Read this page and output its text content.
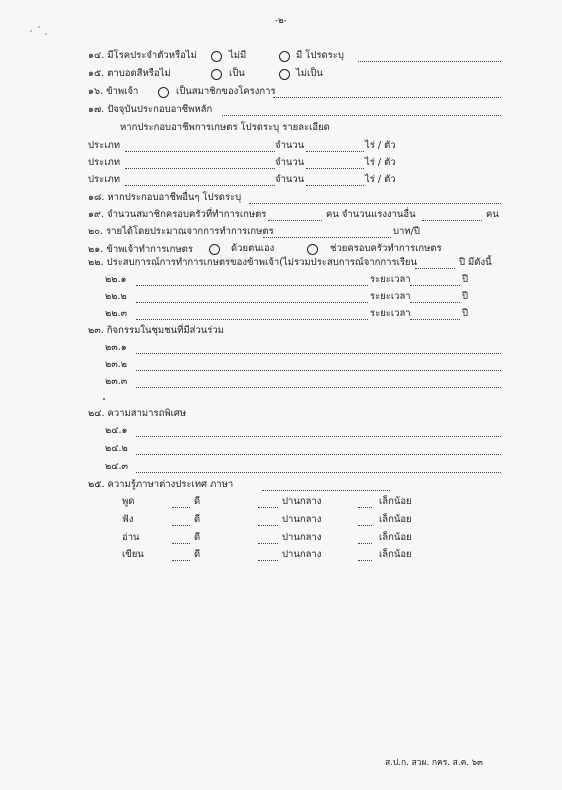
-๒-
๑๔. มีโรคประจำตัวหรือไม่	ไม่มี	มี โปรดระบุ
๑๕. ตาบอดสีหรือไม่	เป็น	ไม่เป็น
๑๖. ข้าพเจ้า	เป็นสมาชิกของโครงการ
๑๗. ปัจจุบันประกอบอาชีพหลัก
หากประกอบอาชีพการเกษตร โปรดระบุ รายละเอียด
ประเภท	จำนวน	ไร่ / ตัว
ประเภท	จำนวน	ไร่ / ตัว
ประเภท	จำนวน	ไร่ / ตัว
๑๘. หากประกอบอาชีพอื่นๆ โปรดระบุ
๑๙. จำนวนสมาชิกครอบครัวที่ทำการเกษตร	คน จำนวนแรงงานอื่น	คน
๒๐. รายได้โดยประมาณจากการทำการเกษตร	บาท/ปี
๒๑. ข้าพเจ้าทำการเกษตร	ด้วยตนเอง	ช่วยครอบครัวทำการเกษตร
๒๒. ประสบการณ์การทำการเกษตรของข้าพเจ้า(ไม่รวมประสบการณ์จากการเรียน	ปี มีดังนี้
๒๒.๑	ระยะเวลา	ปี
๒๒.๒	ระยะเวลา	ปี
๒๒.๓	ระยะเวลา	ปี
๒๓. กิจกรรมในชุมชนที่มีส่วนร่วม
๒๓.๑
๒๓.๒
๒๓.๓
๒๔. ความสามารถพิเศษ
๒๔.๑
๒๔.๒
๒๔.๓
๒๕. ความรู้ภาษาต่างประเทศ ภาษา
พูด	ดี	ปานกลาง	เล็กน้อย
ฟัง	ดี	ปานกลาง	เล็กน้อย
อ่าน	ดี	ปานกลาง	เล็กน้อย
เขียน	ดี	ปานกลาง	เล็กน้อย
ส.ป.ก. สวผ. กคร. ส.ค. ๖๓
